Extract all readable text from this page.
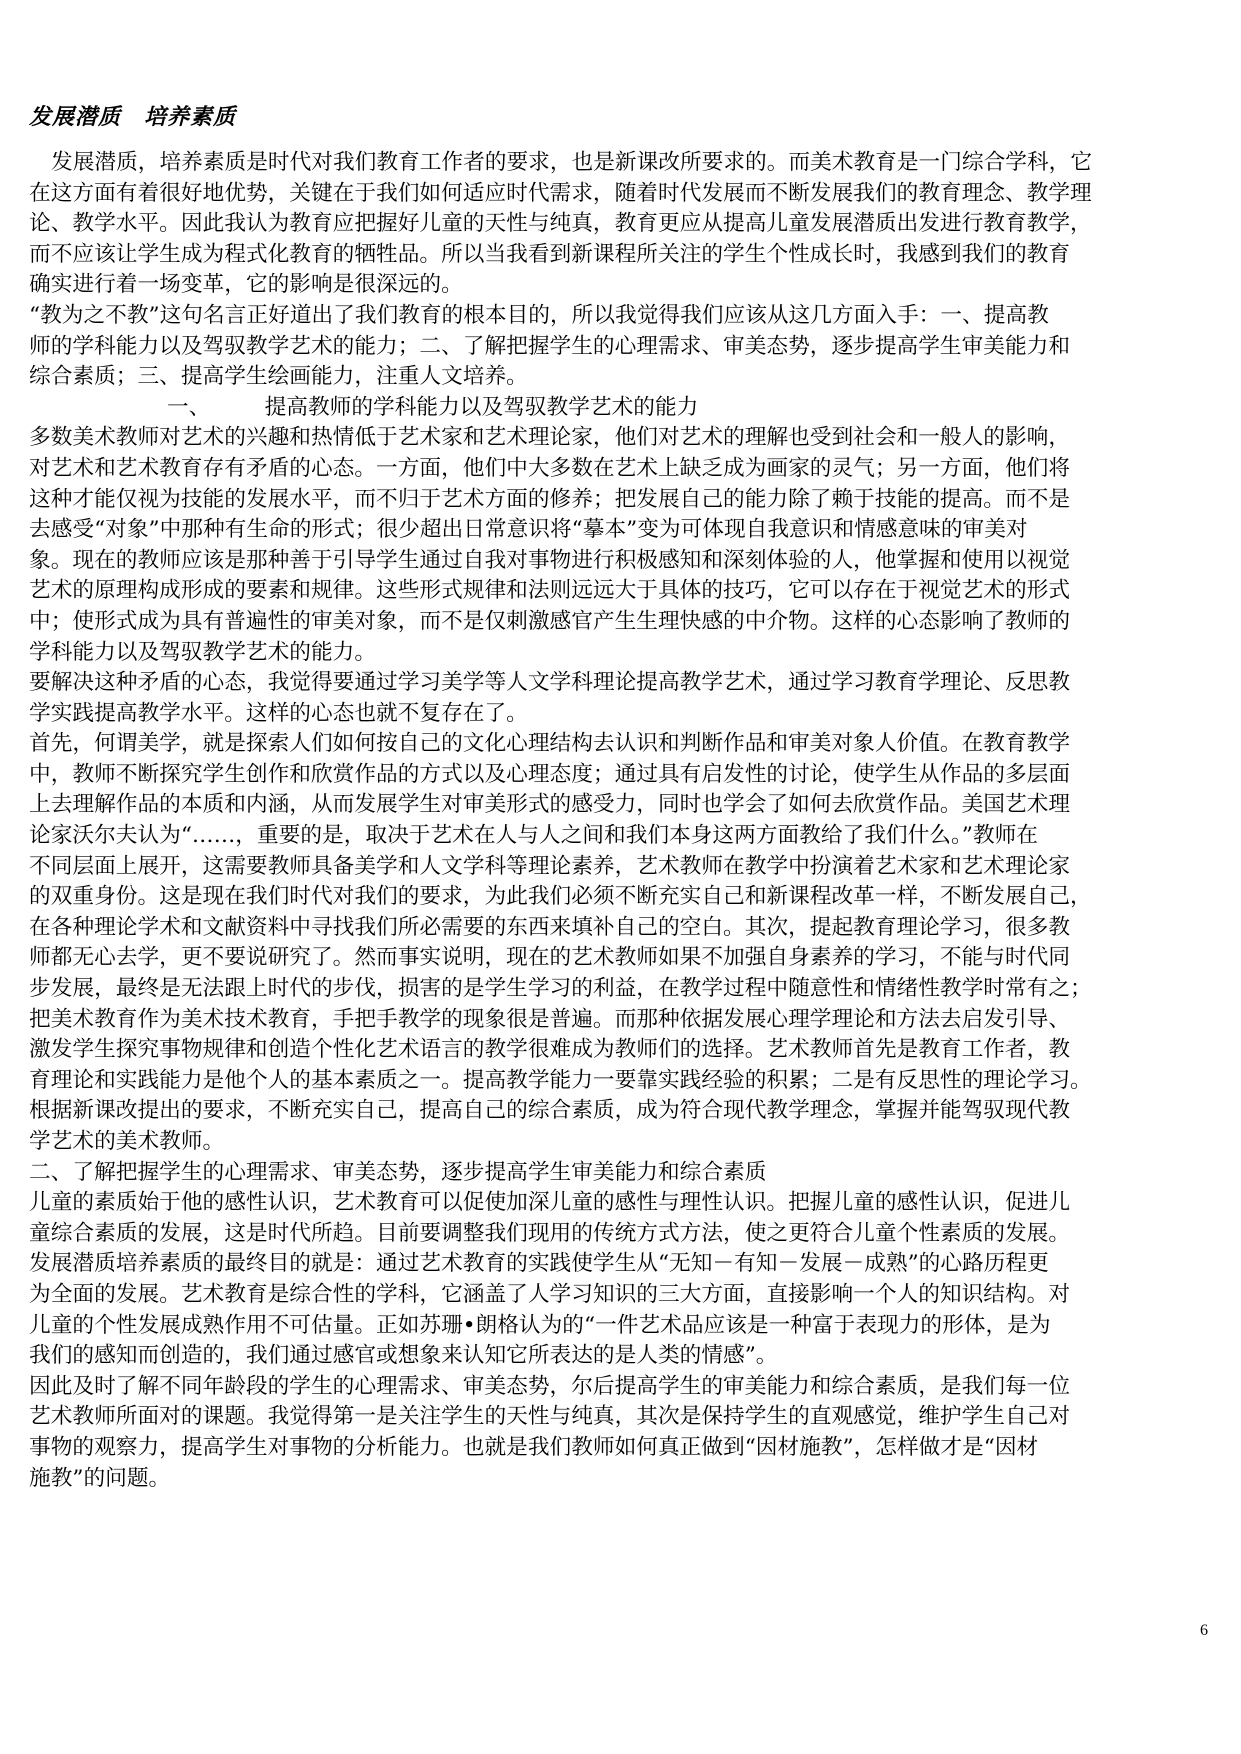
发展潜质　培养素质
发展潜质，培养素质是时代对我们教育工作者的要求，也是新课改所要求的。而美术教育是一门综合学科，它
在这方面有着很好地优势，关键在于我们如何适应时代需求，随着时代发展而不断发展我们的教育理念、教学理
论、教学水平。因此我认为教育应把握好儿童的天性与纯真，教育更应从提高儿童发展潜质出发进行教育教学，
而不应该让学生成为程式化教育的牺牲品。所以当我看到新课程所关注的学生个性成长时，我感到我们的教育
确实进行着一场变革，它的影响是很深远的。
“教为之不教”这句名言正好道出了我们教育的根本目的，所以我觉得我们应该从这几方面入手：一、提高教
师的学科能力以及驾驭教学艺术的能力；二、了解把握学生的心理需求、审美态势，逐步提高学生审美能力和
综合素质；三、提高学生绘画能力，注重人文培养。
一、　　　提高教师的学科能力以及驾驭教学艺术的能力
多数美术教师对艺术的兴趣和热情低于艺术家和艺术理论家，他们对艺术的理解也受到社会和一般人的影响，
对艺术和艺术教育存有矛盾的心态。一方面，他们中大多数在艺术上缺乏成为画家的灵气；另一方面，他们将
这种才能仅视为技能的发展水平，而不归于艺术方面的修养；把发展自己的能力除了赖于技能的提高。而不是
去感受“对象”中那种有生命的形式；很少超出日常意识将“摹本”变为可体现自我意识和情感意味的审美对
象。现在的教师应该是那种善于引导学生通过自我对事物进行积极感知和深刻体验的人，他掌握和使用以视觉
艺术的原理构成形成的要素和规律。这些形式规律和法则远远大于具体的技巧，它可以存在于视觉艺术的形式
中；使形式成为具有普遍性的审美对象，而不是仅刺激感官产生生理快感的中介物。这样的心态影响了教师的
学科能力以及驾驭教学艺术的能力。
要解决这种矛盾的心态，我觉得要通过学习美学等人文学科理论提高教学艺术，通过学习教育学理论、反思教
学实践提高教学水平。这样的心态也就不复存在了。
首先，何谓美学，就是探索人们如何按自己的文化心理结构去认识和判断作品和审美对象人价值。在教育教学
中，教师不断探究学生创作和欣赏作品的方式以及心理态度；通过具有启发性的讨论，使学生从作品的多层面
上去理解作品的本质和内涵，从而发展学生对审美形式的感受力，同时也学会了如何去欣赏作品。美国艺术理
论家沃尔夫认为“……，重要的是，取决于艺术在人与人之间和我们本身这两方面教给了我们什么。”教师在
不同层面上展开，这需要教师具备美学和人文学科等理论素养，艺术教师在教学中扮演着艺术家和艺术理论家
的双重身份。这是现在我们时代对我们的要求，为此我们必须不断充实自己和新课程改革一样，不断发展自己，
在各种理论学术和文献资料中寻找我们所必需要的东西来填补自己的空白。其次，提起教育理论学习，很多教
师都无心去学，更不要说研究了。然而事实说明，现在的艺术教师如果不加强自身素养的学习，不能与时代同
步发展，最终是无法跟上时代的步伐，损害的是学生学习的利益，在教学过程中随意性和情绪性教学时常有之；
把美术教育作为美术技术教育，手把手教学的现象很是普遍。而那种依据发展心理学理论和方法去启发引导、
激发学生探究事物规律和创造个性化艺术语言的教学很难成为教师们的选择。艺术教师首先是教育工作者，教
育理论和实践能力是他个人的基本素质之一。提高教学能力一要靠实践经验的积累；二是有反思性的理论学习。
根据新课改提出的要求，不断充实自己，提高自己的综合素质，成为符合现代教学理念，掌握并能驾驭现代教
学艺术的美术教师。
二、了解把握学生的心理需求、审美态势，逐步提高学生审美能力和综合素质
儿童的素质始于他的感性认识，艺术教育可以促使加深儿童的感性与理性认识。把握儿童的感性认识，促进儿
童综合素质的发展，这是时代所趋。目前要调整我们现用的传统方式方法，使之更符合儿童个性素质的发展。
发展潜质培养素质的最终目的就是：通过艺术教育的实践使学生从“无知－有知－发展－成熟”的心路历程更
为全面的发展。艺术教育是综合性的学科，它涵盖了人学习知识的三大方面，直接影响一个人的知识结构。对
儿童的个性发展成熟作用不可估量。正如苏珊•朗格认为的“一件艺术品应该是一种富于表现力的形体，是为
我们的感知而创造的，我们通过感官或想象来认知它所表达的是人类的情感”。
因此及时了解不同年龄段的学生的心理需求、审美态势，尔后提高学生的审美能力和综合素质，是我们每一位
艺术教师所面对的课题。我觉得第一是关注学生的天性与纯真，其次是保持学生的直观感觉，维护学生自己对
事物的观察力，提高学生对事物的分析能力。也就是我们教师如何真正做到“因材施教”，怎样做才是“因材
施教”的问题。
6
